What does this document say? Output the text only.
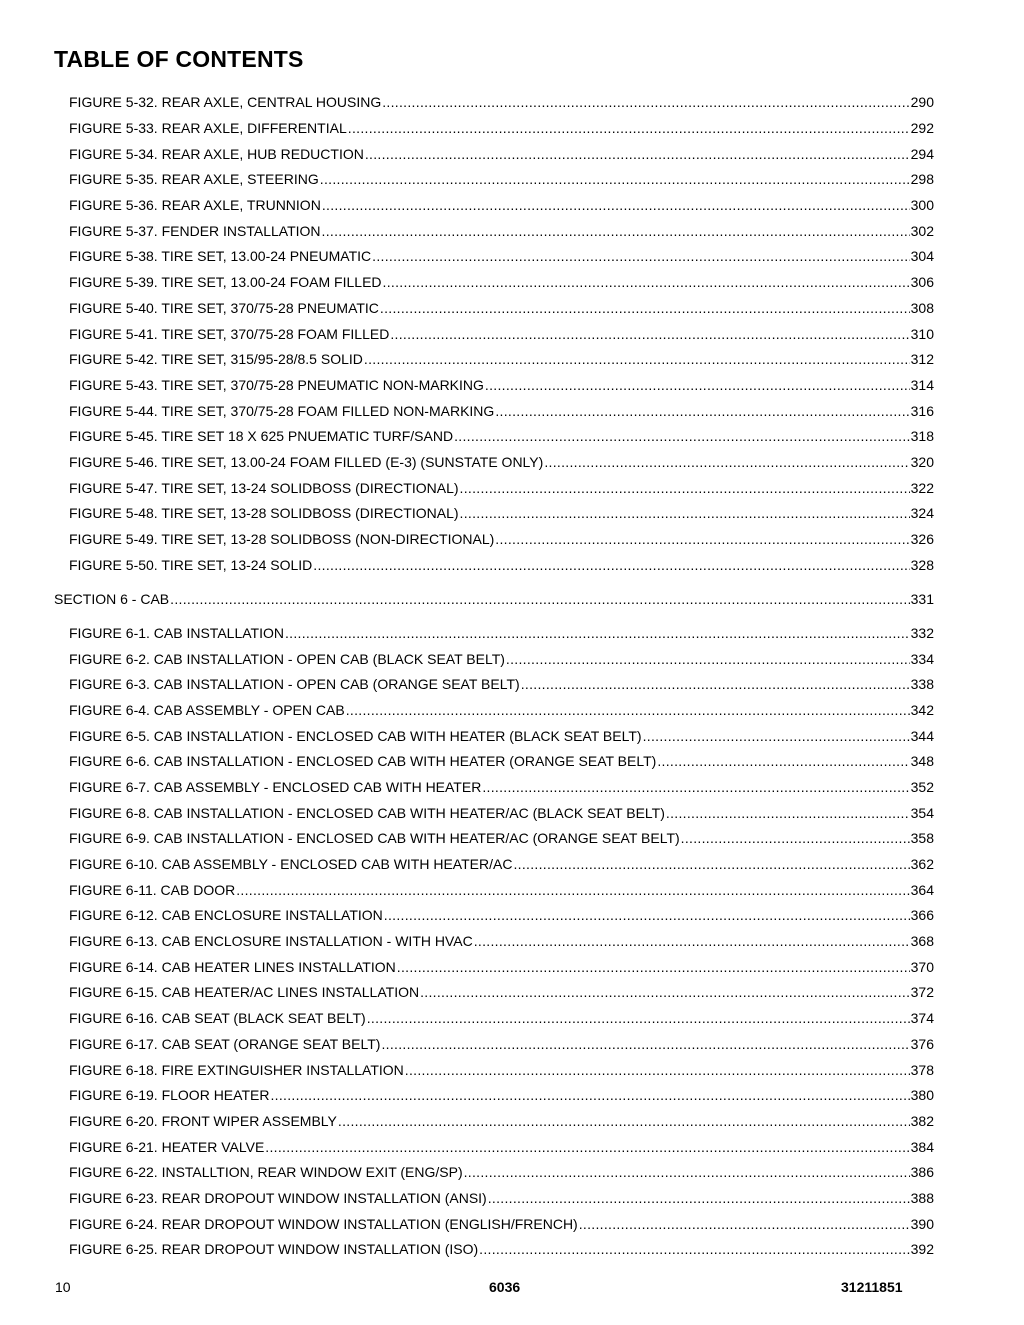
TABLE OF CONTENTS
FIGURE 5-32. REAR AXLE, CENTRAL HOUSING .....	290
FIGURE 5-33. REAR AXLE, DIFFERENTIAL .....	292
FIGURE 5-34. REAR AXLE, HUB REDUCTION .....	294
FIGURE 5-35. REAR AXLE, STEERING .....	298
FIGURE 5-36. REAR AXLE, TRUNNION .....	300
FIGURE 5-37. FENDER INSTALLATION .....	302
FIGURE 5-38. TIRE SET, 13.00-24 PNEUMATIC .....	304
FIGURE 5-39. TIRE SET, 13.00-24 FOAM FILLED .....	306
FIGURE 5-40. TIRE SET, 370/75-28 PNEUMATIC .....	308
FIGURE 5-41. TIRE SET, 370/75-28 FOAM FILLED .....	310
FIGURE 5-42. TIRE SET, 315/95-28/8.5 SOLID .....	312
FIGURE 5-43. TIRE SET, 370/75-28 PNEUMATIC NON-MARKING .....	314
FIGURE 5-44. TIRE SET, 370/75-28 FOAM FILLED NON-MARKING .....	316
FIGURE 5-45. TIRE SET 18 X 625 PNUEMATIC TURF/SAND .....	318
FIGURE 5-46. TIRE SET, 13.00-24 FOAM FILLED (E-3) (SUNSTATE ONLY) .....	320
FIGURE 5-47. TIRE SET, 13-24 SOLIDBOSS (DIRECTIONAL) .....	322
FIGURE 5-48. TIRE SET, 13-28 SOLIDBOSS (DIRECTIONAL) .....	324
FIGURE 5-49. TIRE SET, 13-28 SOLIDBOSS (NON-DIRECTIONAL) .....	326
FIGURE 5-50. TIRE SET, 13-24 SOLID .....	328
SECTION 6 - CAB .....	331
FIGURE 6-1. CAB INSTALLATION .....	332
FIGURE 6-2. CAB INSTALLATION - OPEN CAB (BLACK SEAT BELT) .....	334
FIGURE 6-3. CAB INSTALLATION - OPEN CAB (ORANGE SEAT BELT) .....	338
FIGURE 6-4. CAB ASSEMBLY - OPEN CAB .....	342
FIGURE 6-5. CAB INSTALLATION - ENCLOSED CAB WITH HEATER (BLACK SEAT BELT) .....	344
FIGURE 6-6. CAB INSTALLATION - ENCLOSED CAB WITH HEATER (ORANGE SEAT BELT) .....	348
FIGURE 6-7. CAB ASSEMBLY - ENCLOSED CAB WITH HEATER .....	352
FIGURE 6-8. CAB INSTALLATION - ENCLOSED CAB WITH HEATER/AC (BLACK SEAT BELT) .....	354
FIGURE 6-9. CAB INSTALLATION - ENCLOSED CAB WITH HEATER/AC (ORANGE SEAT BELT) .....	358
FIGURE 6-10. CAB ASSEMBLY - ENCLOSED CAB WITH HEATER/AC .....	362
FIGURE 6-11. CAB DOOR .....	364
FIGURE 6-12. CAB ENCLOSURE INSTALLATION .....	366
FIGURE 6-13. CAB ENCLOSURE INSTALLATION - WITH HVAC .....	368
FIGURE 6-14. CAB HEATER LINES INSTALLATION .....	370
FIGURE 6-15. CAB HEATER/AC LINES INSTALLATION .....	372
FIGURE 6-16. CAB SEAT (BLACK SEAT BELT) .....	374
FIGURE 6-17. CAB SEAT (ORANGE SEAT BELT) .....	376
FIGURE 6-18. FIRE EXTINGUISHER INSTALLATION .....	378
FIGURE 6-19. FLOOR HEATER .....	380
FIGURE 6-20. FRONT WIPER ASSEMBLY .....	382
FIGURE 6-21. HEATER VALVE .....	384
FIGURE 6-22. INSTALLTION, REAR WINDOW EXIT (ENG/SP) .....	386
FIGURE 6-23. REAR DROPOUT WINDOW INSTALLATION (ANSI) .....	388
FIGURE 6-24. REAR DROPOUT WINDOW INSTALLATION (ENGLISH/FRENCH) .....	390
FIGURE 6-25. REAR DROPOUT WINDOW INSTALLATION (ISO) .....	392
10	6036	31211851
